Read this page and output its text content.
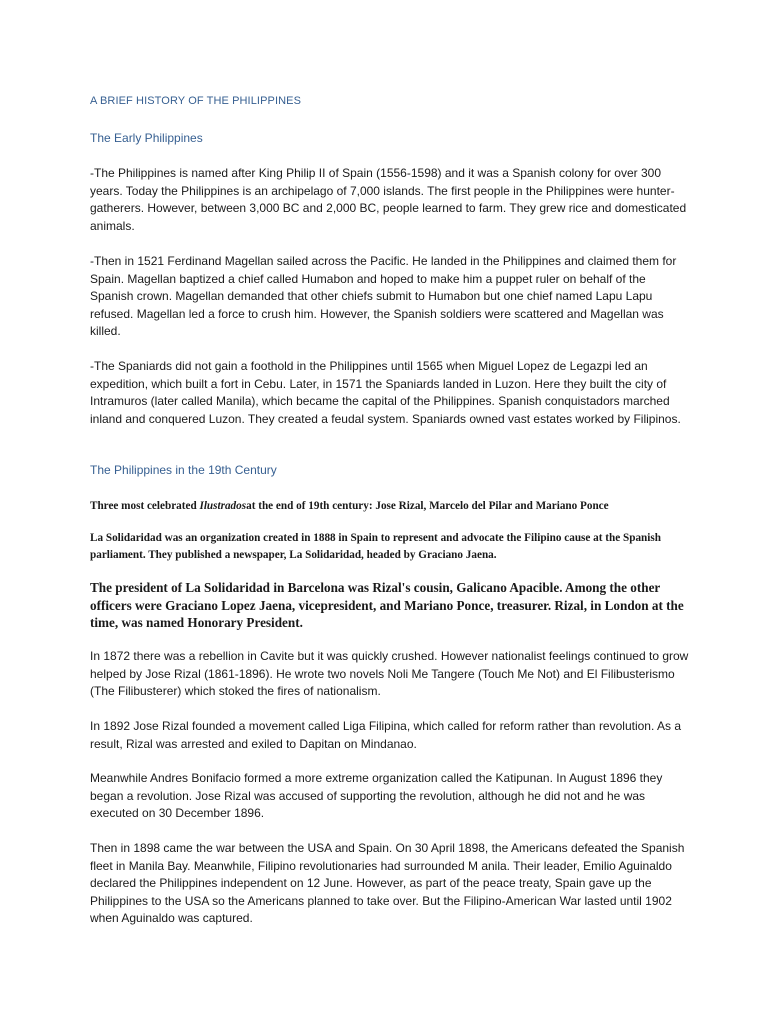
A BRIEF HISTORY OF THE PHILIPPINES

The Early Philippines

-The Philippines is named after King Philip II of Spain (1556-1598) and it was a Spanish colony for over 300 years. Today the Philippines is an archipelago of 7,000 islands. The first people in the Philippines were hunter-gatherers. However, between 3,000 BC and 2,000 BC, people learned to farm. They grew rice and domesticated animals.

-Then in 1521 Ferdinand Magellan sailed across the Pacific. He landed in the Philippines and claimed them for Spain. Magellan baptized a chief called Humabon and hoped to make him a puppet ruler on behalf of the Spanish crown. Magellan demanded that other chiefs submit to Humabon but one chief named Lapu Lapu refused. Magellan led a force to crush him. However, the Spanish soldiers were scattered and Magellan was killed.

-The Spaniards did not gain a foothold in the Philippines until 1565 when Miguel Lopez de Legazpi led an expedition, which built a fort in Cebu. Later, in 1571 the Spaniards landed in Luzon. Here they built the city of Intramuros (later called Manila), which became the capital of the Philippines. Spanish conquistadors marched inland and conquered Luzon. They created a feudal system. Spaniards owned vast estates worked by Filipinos.

The Philippines in the 19th Century

Three most celebrated Ilustradosat the end of 19th century: Jose Rizal, Marcelo del Pilar and Mariano Ponce

La Solidaridad was an organization created in 1888 in Spain to represent and advocate the Filipino cause at the Spanish parliament. They published a newspaper, La Solidaridad, headed by Graciano Jaena.

The president of La Solidaridad in Barcelona was Rizal's cousin, Galicano Apacible. Among the other officers were Graciano Lopez Jaena, vicepresident, and Mariano Ponce, treasurer. Rizal, in London at the time, was named Honorary President.

In 1872 there was a rebellion in Cavite but it was quickly crushed. However nationalist feelings continued to grow helped by Jose Rizal (1861-1896). He wrote two novels Noli Me Tangere (Touch Me Not) and El Filibusterismo (The Filibusterer) which stoked the fires of nationalism.

In 1892 Jose Rizal founded a movement called Liga Filipina, which called for reform rather than revolution. As a result, Rizal was arrested and exiled to Dapitan on Mindanao.

Meanwhile Andres Bonifacio formed a more extreme organization called the Katipunan. In August 1896 they began a revolution. Jose Rizal was accused of supporting the revolution, although he did not and he was executed on 30 December 1896.

Then in 1898 came the war between the USA and Spain. On 30 April 1898, the Americans defeated the Spanish fleet in Manila Bay. Meanwhile, Filipino revolutionaries had surrounded M anila. Their leader, Emilio Aguinaldo declared the Philippines independent on 12 June. However, as part of the peace treaty, Spain gave up the Philippines to the USA so the Americans planned to take over. But the Filipino-American War lasted until 1902 when Aguinaldo was captured.
